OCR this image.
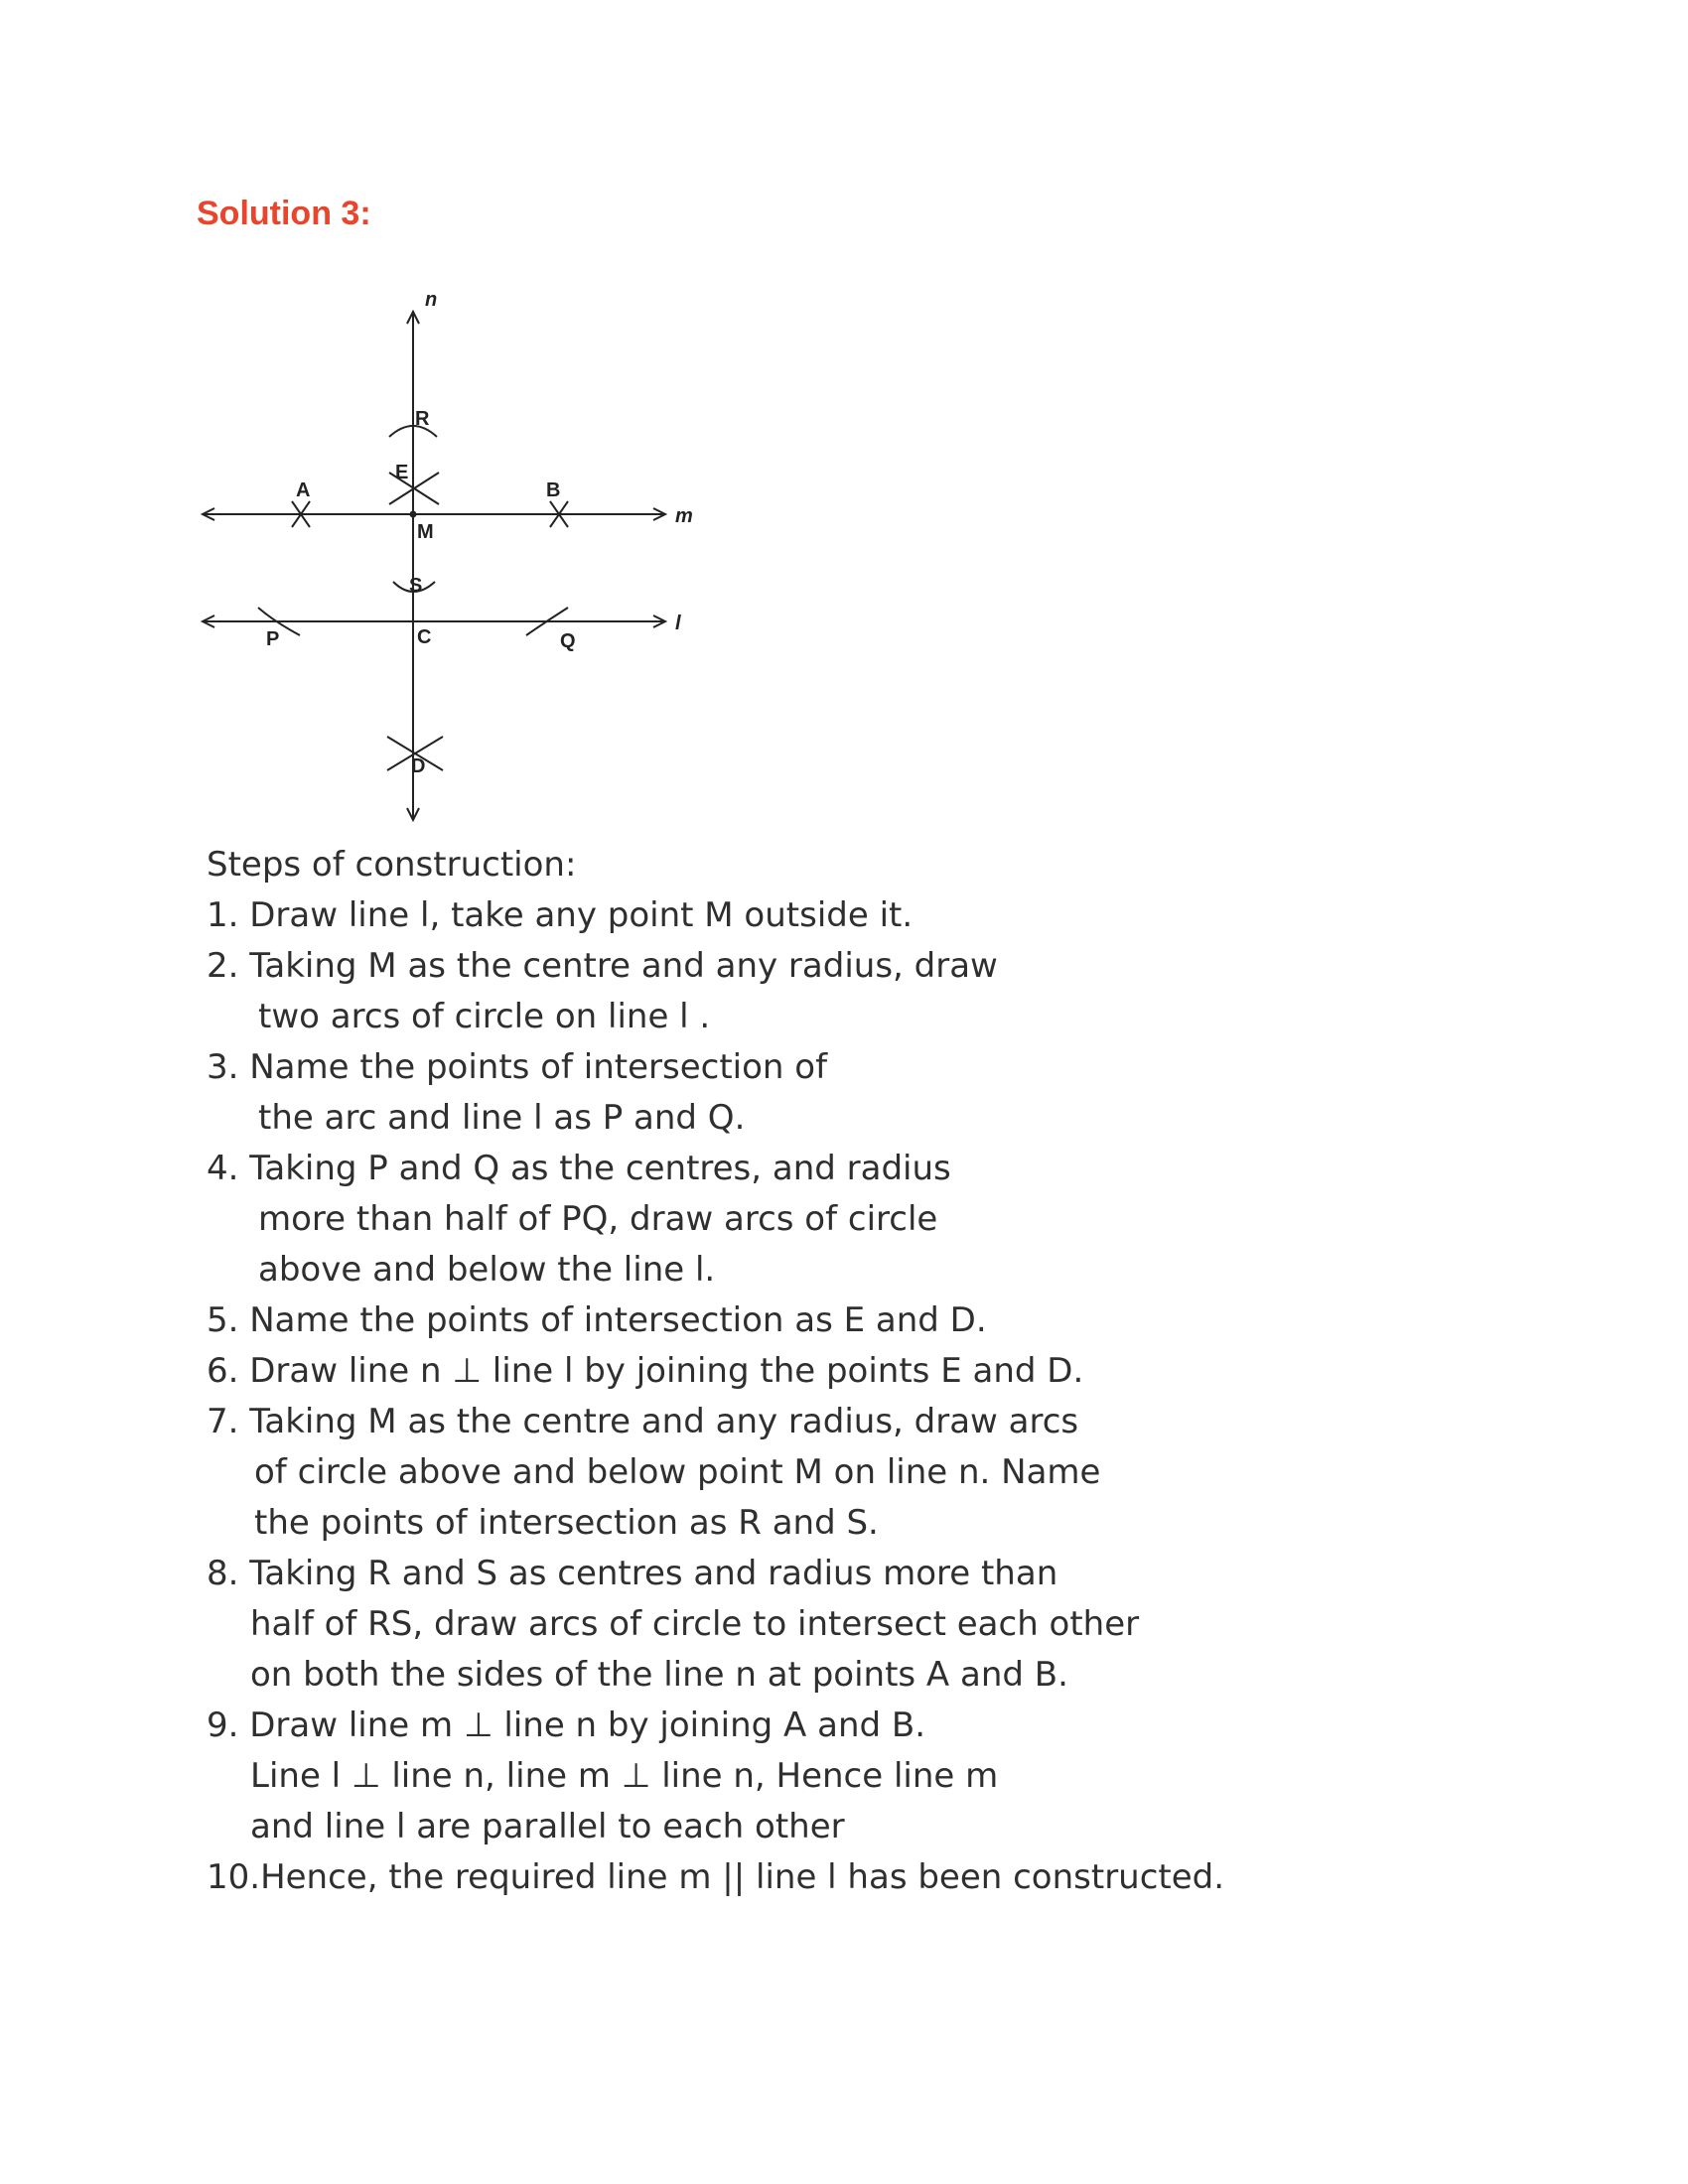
Solution 3:
n
m
l
R
E
A	B
M
S
P	C	Q
D
Steps of construction:
1. Draw line l, take any point M outside it.
2. Taking M as the centre and any radius, draw
two arcs of circle on line l .
3. Name the points of intersection of
the arc and line l as P and Q.
4. Taking P and Q as the centres, and radius
more than half of PQ, draw arcs of circle
above and below the line l.
5. Name the points of intersection as E and D.
6. Draw line n ⊥ line l by joining the points E and D.
7. Taking M as the centre and any radius, draw arcs
of circle above and below point M on line n. Name
the points of intersection as R and S.
8. Taking R and S as centres and radius more than
half of RS, draw arcs of circle to intersect each other
on both the sides of the line n at points A and B.
9. Draw line m ⊥ line n by joining A and B.
Line l ⊥ line n, line m ⊥ line n, Hence line m
and line l are parallel to each other
10.Hence, the required line m || line l has been constructed.
